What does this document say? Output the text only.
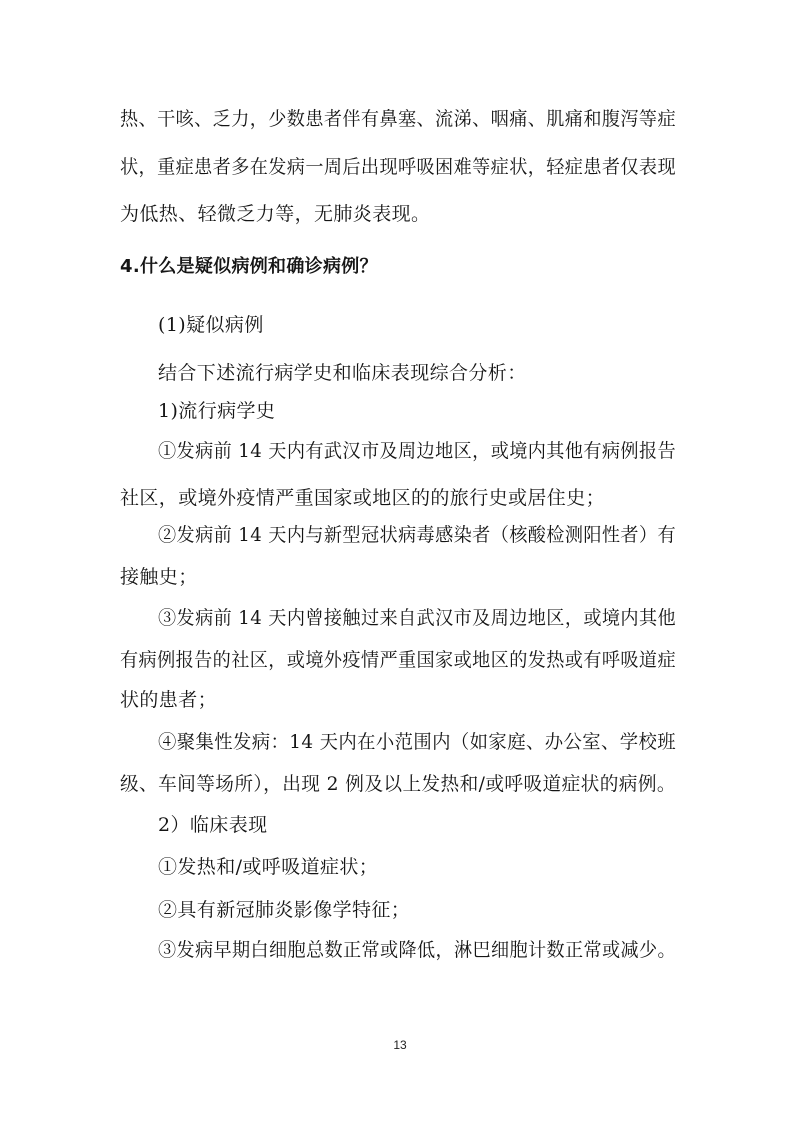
热、干咳、乏力，少数患者伴有鼻塞、流涕、咽痛、肌痛和腹泻等症
状，重症患者多在发病一周后出现呼吸困难等症状，轻症患者仅表现
为低热、轻微乏力等，无肺炎表现。
4.什么是疑似病例和确诊病例？
(1)疑似病例
结合下述流行病学史和临床表现综合分析：
1)流行病学史
①发病前 14 天内有武汉市及周边地区，或境内其他有病例报告
社区，或境外疫情严重国家或地区的的旅行史或居住史；
②发病前 14 天内与新型冠状病毒感染者（核酸检测阳性者）有
接触史；
③发病前 14 天内曾接触过来自武汉市及周边地区，或境内其他
有病例报告的社区，或境外疫情严重国家或地区的发热或有呼吸道症
状的患者；
④聚集性发病：14 天内在小范围内（如家庭、办公室、学校班
级、车间等场所），出现 2 例及以上发热和/或呼吸道症状的病例。
2）临床表现
①发热和/或呼吸道症状；
②具有新冠肺炎影像学特征；
③发病早期白细胞总数正常或降低，淋巴细胞计数正常或减少。
13
